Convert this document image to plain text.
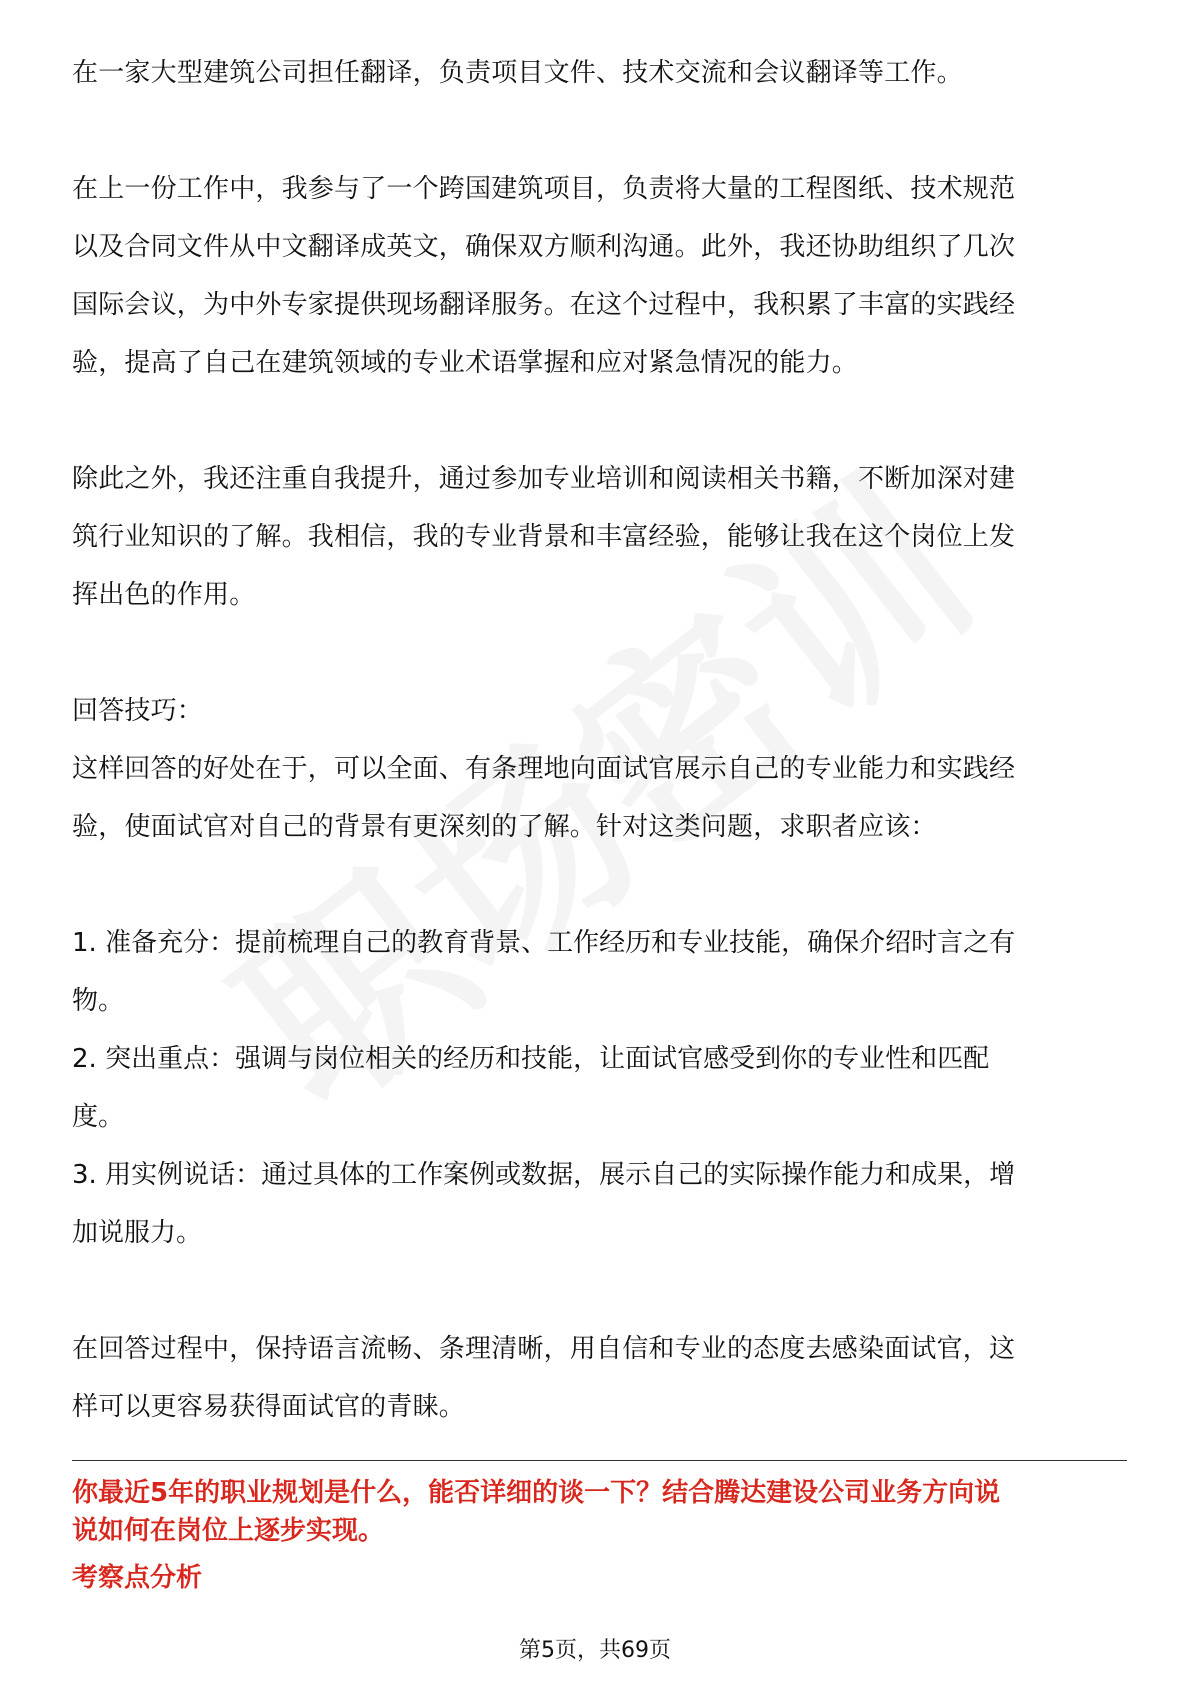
在一家大型建筑公司担任翻译，负责项目文件、技术交流和会议翻译等工作。

在上一份工作中，我参与了一个跨国建筑项目，负责将大量的工程图纸、技术规范

以及合同文件从中文翻译成英文，确保双方顺利沟通。此外，我还协助组织了几次

国际会议，为中外专家提供现场翻译服务。在这个过程中，我积累了丰富的实践经

验，提高了自己在建筑领域的专业术语掌握和应对紧急情况的能力。

除此之外，我还注重自我提升，通过参加专业培训和阅读相关书籍，不断加深对建

筑行业知识的了解。我相信，我的专业背景和丰富经验，能够让我在这个岗位上发

挥出色的作用。

回答技巧：

这样回答的好处在于，可以全面、有条理地向面试官展示自己的专业能力和实践经

验，使面试官对自己的背景有更深刻的了解。针对这类问题，求职者应该：

1. 准备充分：提前梳理自己的教育背景、工作经历和专业技能，确保介绍时言之有

物。

2. 突出重点：强调与岗位相关的经历和技能，让面试官感受到你的专业性和匹配

度。

3. 用实例说话：通过具体的工作案例或数据，展示自己的实际操作能力和成果，增

加说服力。

在回答过程中，保持语言流畅、条理清晰，用自信和专业的态度去感染面试官，这

样可以更容易获得面试官的青睐。

你最近5年的职业规划是什么，能否详细的谈一下？结合腾达建设公司业务方向说
说如何在岗位上逐步实现。

考察点分析

第5页，共69页
